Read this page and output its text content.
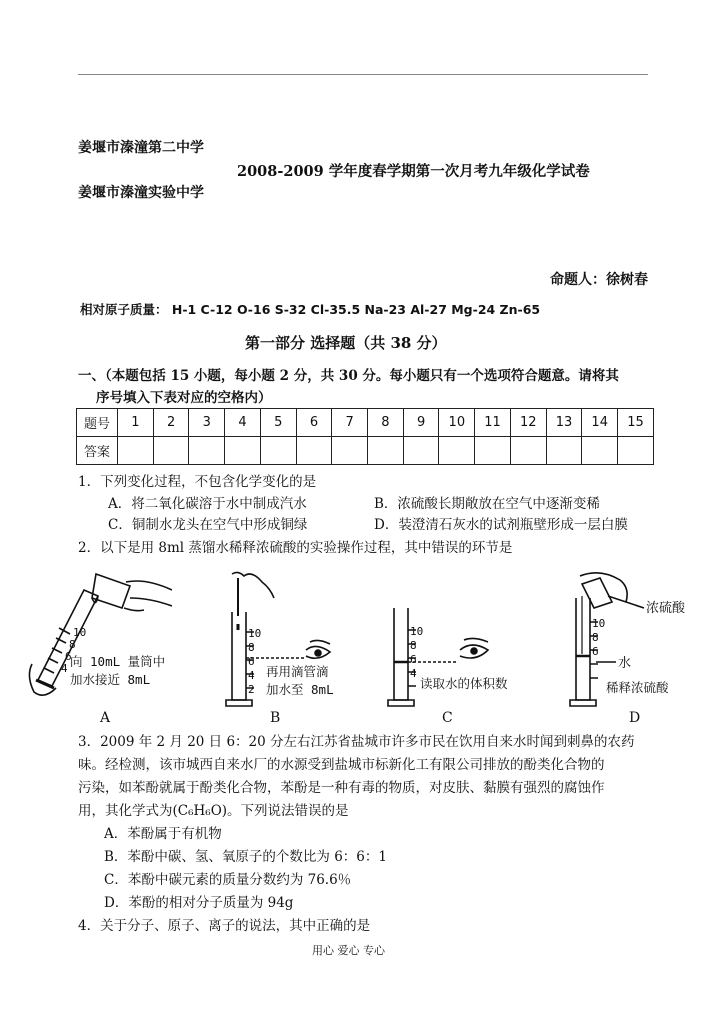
姜堰市溱潼第二中学
2008-2009 学年度春学期第一次月考九年级化学试卷
姜堰市溱潼实验中学
命题人：徐树春
相对原子质量： H-1 C-12 O-16 S-32 Cl-35.5 Na-23 Al-27 Mg-24 Zn-65
第一部分 选择题（共 38 分）
一、（本题包括 15 小题，每小题 2 分，共 30 分。每小题只有一个选项符合题意。请将其
序号填入下表对应的空格内）
题号	1	2	3	4	5	6	7	8	9	10	11	12	13	14	15
答案															
1．下列变化过程，不包含化学变化的是
A．将二氧化碳溶于水中制成汽水	B．浓硫酸长期敞放在空气中逐渐变稀
C．铜制水龙头在空气中形成铜绿	D．装澄清石灰水的试剂瓶壁形成一层白膜
2．以下是用 8ml 蒸馏水稀释浓硫酸的实验操作过程，其中错误的环节是
10
8
6
4 向 10mL 量筒中
加水接近 8mL
A
10
8
6
4
2
再用滴管滴
加水至 8mL
B
10
8
6
4
读取水的体积数
C
10
8
6
浓硫酸
水
稀释浓硫酸
D
3．2009 年 2 月 20 日 6：20 分左右江苏省盐城市许多市民在饮用自来水时闻到刺鼻的农药
味。经检测，该市城西自来水厂的水源受到盐城市标新化工有限公司排放的酚类化合物的
污染，如苯酚就属于酚类化合物，苯酚是一种有毒的物质，对皮肤、黏膜有强烈的腐蚀作
用，其化学式为(C₆H₆O)。下列说法错误的是
A．苯酚属于有机物
B．苯酚中碳、氢、氧原子的个数比为 6：6：1
C．苯酚中碳元素的质量分数约为 76.6％
D．苯酚的相对分子质量为 94g
4．关于分子、原子、离子的说法，其中正确的是
用心 爱心 专心
